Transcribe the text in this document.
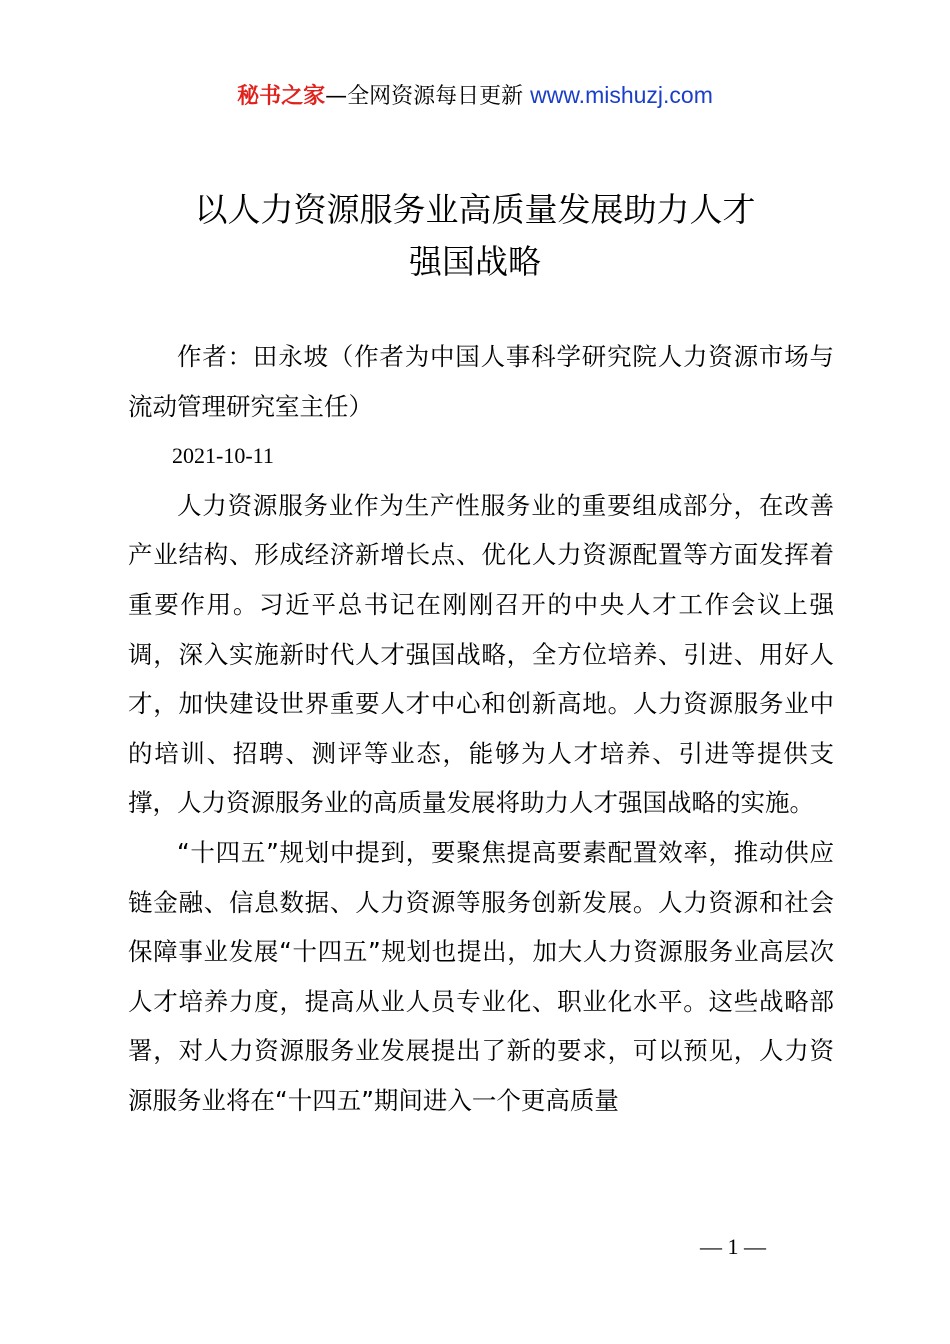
秘书之家—全网资源每日更新 www.mishuzj.com
以人力资源服务业高质量发展助力人才
强国战略

作者：田永坡（作者为中国人事科学研究院人力资源市场与流动管理研究室主任）

2021-10-11

人力资源服务业作为生产性服务业的重要组成部分，在改善产业结构、形成经济新增长点、优化人力资源配置等方面发挥着重要作用。习近平总书记在刚刚召开的中央人才工作会议上强调，深入实施新时代人才强国战略，全方位培养、引进、用好人才，加快建设世界重要人才中心和创新高地。人力资源服务业中的培训、招聘、测评等业态，能够为人才培养、引进等提供支撑，人力资源服务业的高质量发展将助力人才强国战略的实施。

“十四五”规划中提到，要聚焦提高要素配置效率，推动供应链金融、信息数据、人力资源等服务创新发展。人力资源和社会保障事业发展“十四五”规划也提出，加大人力资源服务业高层次人才培养力度，提高从业人员专业化、职业化水平。这些战略部署，对人力资源服务业发展提出了新的要求，可以预见，人力资源服务业将在“十四五”期间进入一个更高质量

— 1 —
